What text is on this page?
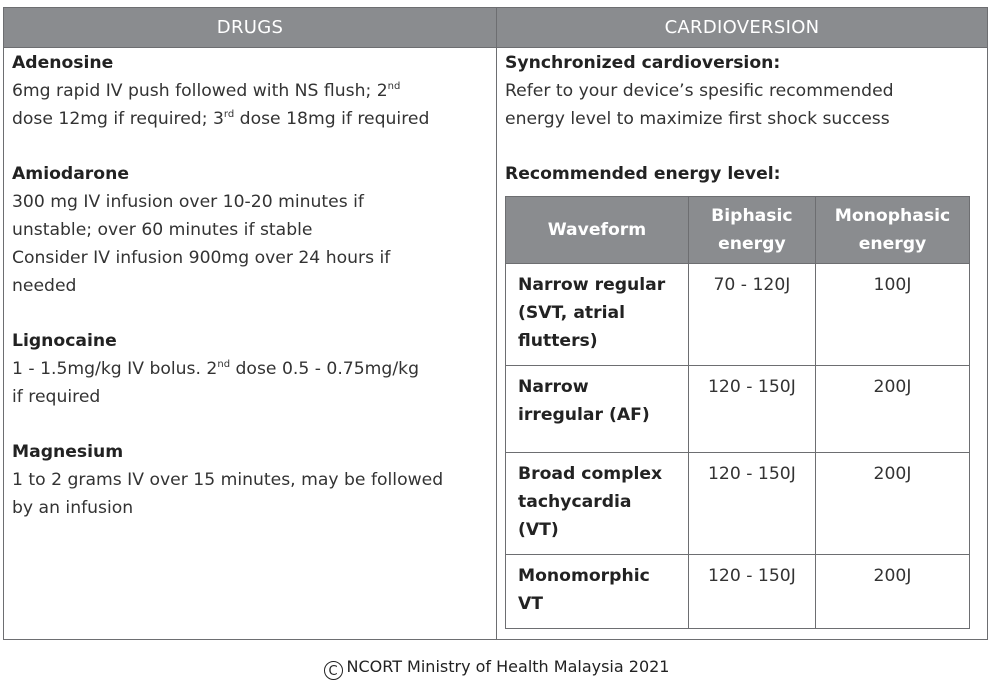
DRUGS	CARDIOVERSION
Adenosine
6mg rapid IV push followed with NS flush; 2nd
dose 12mg if required; 3rd dose 18mg if required
Amiodarone
300 mg IV infusion over 10-20 minutes if
unstable; over 60 minutes if stable
Consider IV infusion 900mg over 24 hours if
needed
Lignocaine
1 - 1.5mg/kg IV bolus. 2nd dose 0.5 - 0.75mg/kg
if required
Magnesium
1 to 2 grams IV over 15 minutes, may be followed
by an infusion
Synchronized cardioversion:
Refer to your device’s spesific recommended
energy level to maximize first shock success
Recommended energy level:
Waveform	Biphasic energy	Monophasic energy
Narrow regular (SVT, atrial flutters)	70 - 120J	100J
Narrow irregular (AF)	120 - 150J	200J
Broad complex tachycardia (VT)	120 - 150J	200J
Monomorphic VT	120 - 150J	200J
C NCORT Ministry of Health Malaysia 2021
